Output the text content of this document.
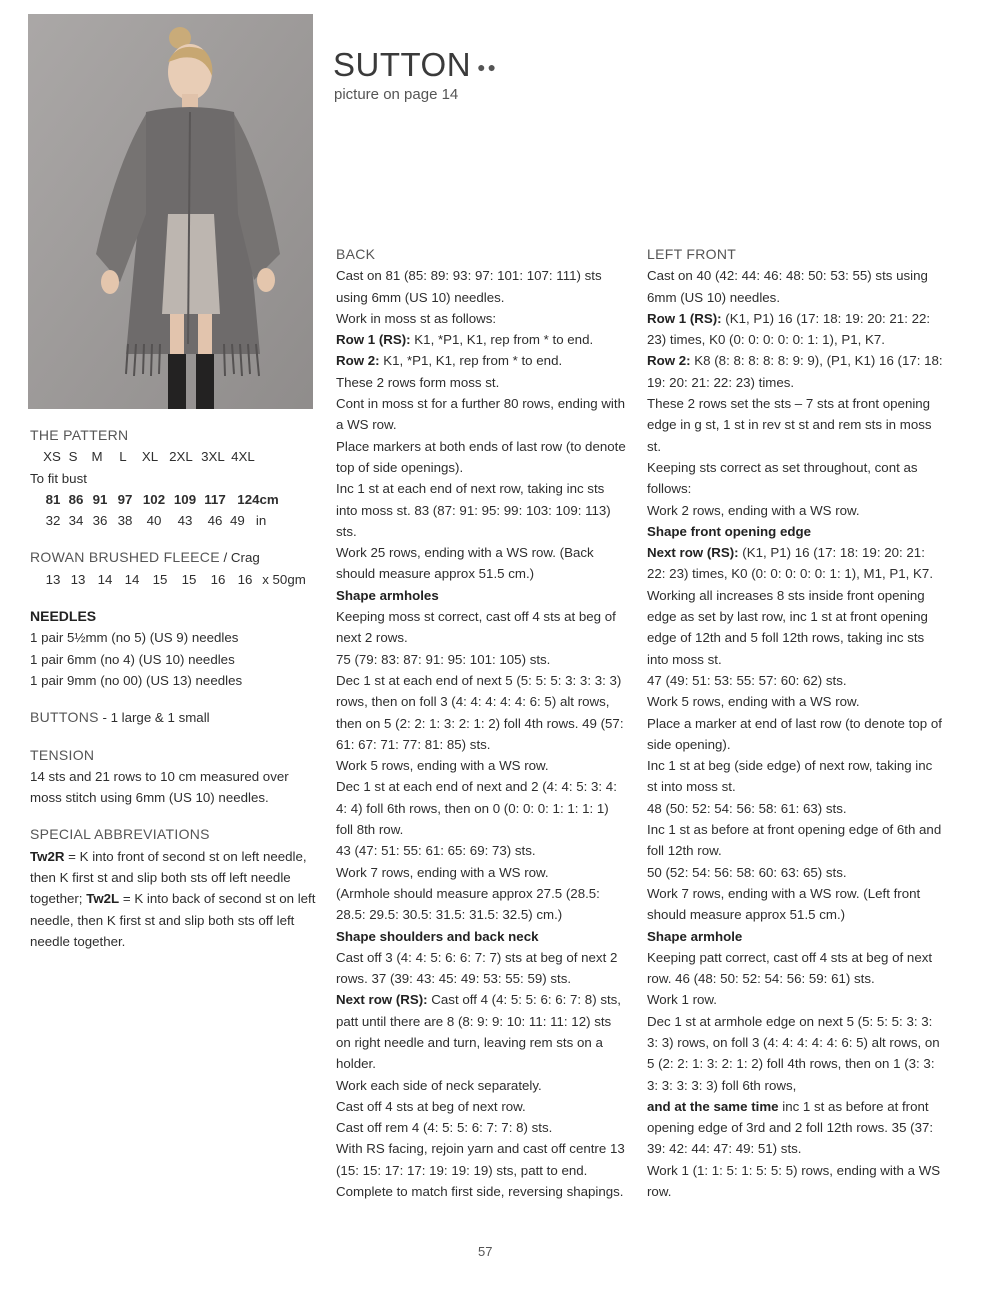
SUTTON ●●
picture on page 14
THE PATTERN
	XS	S	M	L	XL	2XL	3XL	4XL	

To fit bust

	81	86	91	97	102	109	117	124cm
	32	34	36	38	40	43	46	49 in

ROWAN BRUSHED FLEECE / Crag

	13	13	14	14	15	15	16	16	x 50gm
NEEDLES

1 pair 5½mm (no 5) (US 9) needles

1 pair 6mm (no 4) (US 10) needles

1 pair 9mm (no 00) (US 13) needles

BUTTONS - 1 large & 1 small

TENSION

14 sts and 21 rows to 10 cm measured over moss stitch using 6mm (US 10) needles.

SPECIAL ABBREVIATIONS

Tw2R = K into front of second st on left needle, then K first st and slip both sts off left needle together; Tw2L = K into back of second st on left needle, then K first st and slip both sts off left needle together.

BACK

Cast on 81 (85: 89: 93: 97: 101: 107: 111) sts using 6mm (US 10) needles.

Work in moss st as follows:

Row 1 (RS): K1, *P1, K1, rep from * to end.

Row 2: K1, *P1, K1, rep from * to end.

These 2 rows form moss st.

Cont in moss st for a further 80 rows, ending with a WS row.

Place markers at both ends of last row (to denote top of side openings).

Inc 1 st at each end of next row, taking inc sts into moss st. 83 (87: 91: 95: 99: 103: 109: 113) sts.

Work 25 rows, ending with a WS row. (Back should measure approx 51.5 cm.)

Shape armholes

Keeping moss st correct, cast off 4 sts at beg of next 2 rows.

75 (79: 83: 87: 91: 95: 101: 105) sts.

Dec 1 st at each end of next 5 (5: 5: 5: 3: 3: 3: 3) rows, then on foll 3 (4: 4: 4: 4: 4: 6: 5) alt rows, then on 5 (2: 2: 1: 3: 2: 1: 2) foll 4th rows. 49 (57: 61: 67: 71: 77: 81: 85) sts.

Work 5 rows, ending with a WS row.

Dec 1 st at each end of next and 2 (4: 4: 5: 3: 4: 4: 4) foll 6th rows, then on 0 (0: 0: 0: 1: 1: 1: 1) foll 8th row.

43 (47: 51: 55: 61: 65: 69: 73) sts.

Work 7 rows, ending with a WS row.

(Armhole should measure approx 27.5 (28.5: 28.5: 29.5: 30.5: 31.5: 31.5: 32.5) cm.)

Shape shoulders and back neck

Cast off 3 (4: 4: 5: 6: 6: 7: 7) sts at beg of next 2 rows. 37 (39: 43: 45: 49: 53: 55: 59) sts.

Next row (RS): Cast off 4 (4: 5: 5: 6: 6: 7: 8) sts, patt until there are 8 (8: 9: 9: 10: 11: 11: 12) sts on right needle and turn, leaving rem sts on a holder.

Work each side of neck separately.

Cast off 4 sts at beg of next row.

Cast off rem 4 (4: 5: 5: 6: 7: 7: 8) sts.

With RS facing, rejoin yarn and cast off centre 13 (15: 15: 17: 17: 19: 19: 19) sts, patt to end.

Complete to match first side, reversing shapings.

LEFT FRONT

Cast on 40 (42: 44: 46: 48: 50: 53: 55) sts using 6mm (US 10) needles.

Row 1 (RS): (K1, P1) 16 (17: 18: 19: 20: 21: 22: 23) times, K0 (0: 0: 0: 0: 0: 1: 1), P1, K7.

Row 2: K8 (8: 8: 8: 8: 8: 9: 9), (P1, K1) 16 (17: 18: 19: 20: 21: 22: 23) times.

These 2 rows set the sts – 7 sts at front opening edge in g st, 1 st in rev st st and rem sts in moss st.

Keeping sts correct as set throughout, cont as follows:

Work 2 rows, ending with a WS row.

Shape front opening edge

Next row (RS): (K1, P1) 16 (17: 18: 19: 20: 21: 22: 23) times, K0 (0: 0: 0: 0: 0: 1: 1), M1, P1, K7.

Working all increases 8 sts inside front opening edge as set by last row, inc 1 st at front opening edge of 12th and 5 foll 12th rows, taking inc sts into moss st.

47 (49: 51: 53: 55: 57: 60: 62) sts.

Work 5 rows, ending with a WS row.

Place a marker at end of last row (to denote top of side opening).

Inc 1 st at beg (side edge) of next row, taking inc st into moss st.

48 (50: 52: 54: 56: 58: 61: 63) sts.

Inc 1 st as before at front opening edge of 6th and foll 12th row.

50 (52: 54: 56: 58: 60: 63: 65) sts.

Work 7 rows, ending with a WS row. (Left front should measure approx 51.5 cm.)

Shape armhole

Keeping patt correct, cast off 4 sts at beg of next row. 46 (48: 50: 52: 54: 56: 59: 61) sts.

Work 1 row.

Dec 1 st at armhole edge on next 5 (5: 5: 5: 3: 3: 3: 3) rows, on foll 3 (4: 4: 4: 4: 4: 6: 5) alt rows, on 5 (2: 2: 1: 3: 2: 1: 2) foll 4th rows, then on 1 (3: 3: 3: 3: 3: 3: 3) foll 6th rows,

and at the same time inc 1 st as before at front opening edge of 3rd and 2 foll 12th rows. 35 (37: 39: 42: 44: 47: 49: 51) sts.

Work 1 (1: 1: 5: 1: 5: 5: 5) rows, ending with a WS row.

57
